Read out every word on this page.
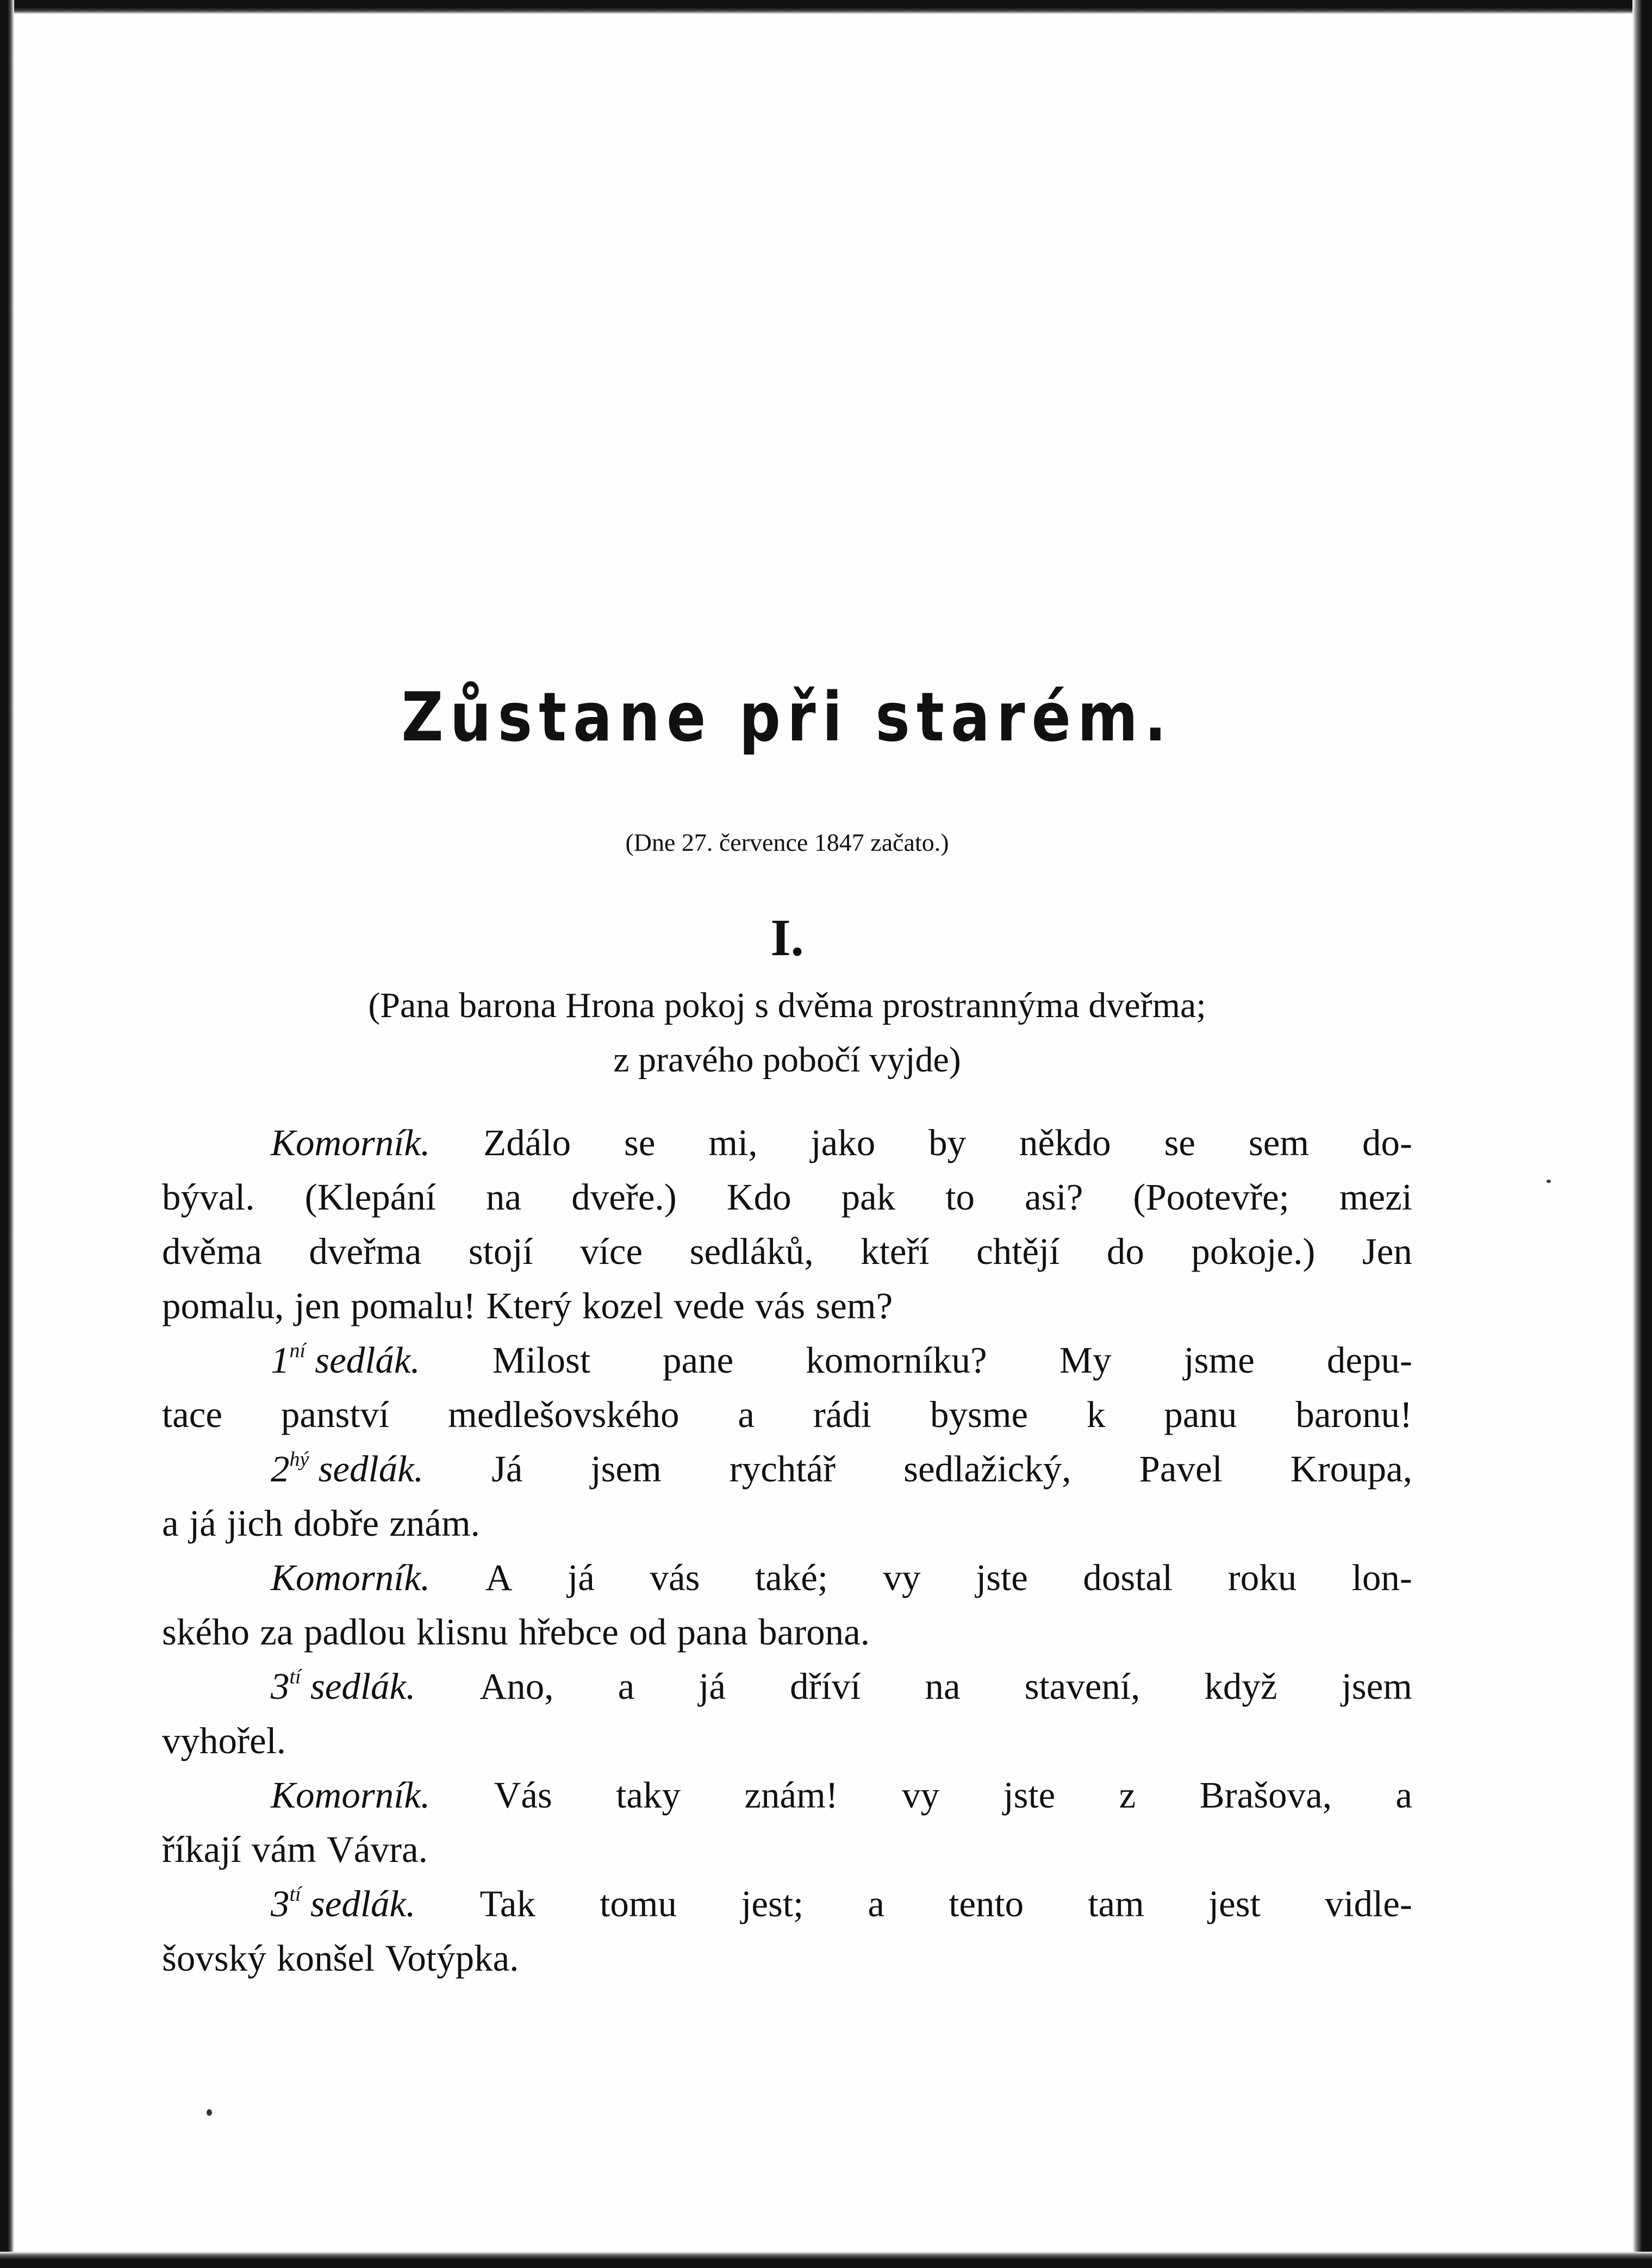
Zůstane při starém.
(Dne 27. července 1847 začato.)
I.
(Pana barona Hrona pokoj s dvěma prostrannýma dveřma;
z pravého pobočí vyjde)
Komorník. Zdálo se mi, jako by někdo se sem do-
býval. (Klepání na dveře.) Kdo pak to asi? (Pootevře; mezi
dvěma dveřma stojí více sedláků, kteří chtějí do pokoje.) Jen
pomalu, jen pomalu! Který kozel vede vás sem?
$1^{ní}$ sedlák. Milost pane komorníku? My jsme depu-
tace panství medlešovského a rádi bysme k panu baronu!
$2^{hý}$ sedlák. Já jsem rychtář sedlažický, Pavel Kroupa,
a já jich dobře znám.
Komorník. A já vás také; vy jste dostal roku lon-
ského za padlou klisnu hřebce od pana barona.
$3^{tí}$ sedlák. Ano, a já dříví na stavení, když jsem
vyhořel.
Komorník. Vás taky znám! vy jste z Brašova, a
říkají vám Vávra.
$3^{tí}$ sedlák. Tak tomu jest; a tento tam jest vidle-
šovský konšel Votýpka.
